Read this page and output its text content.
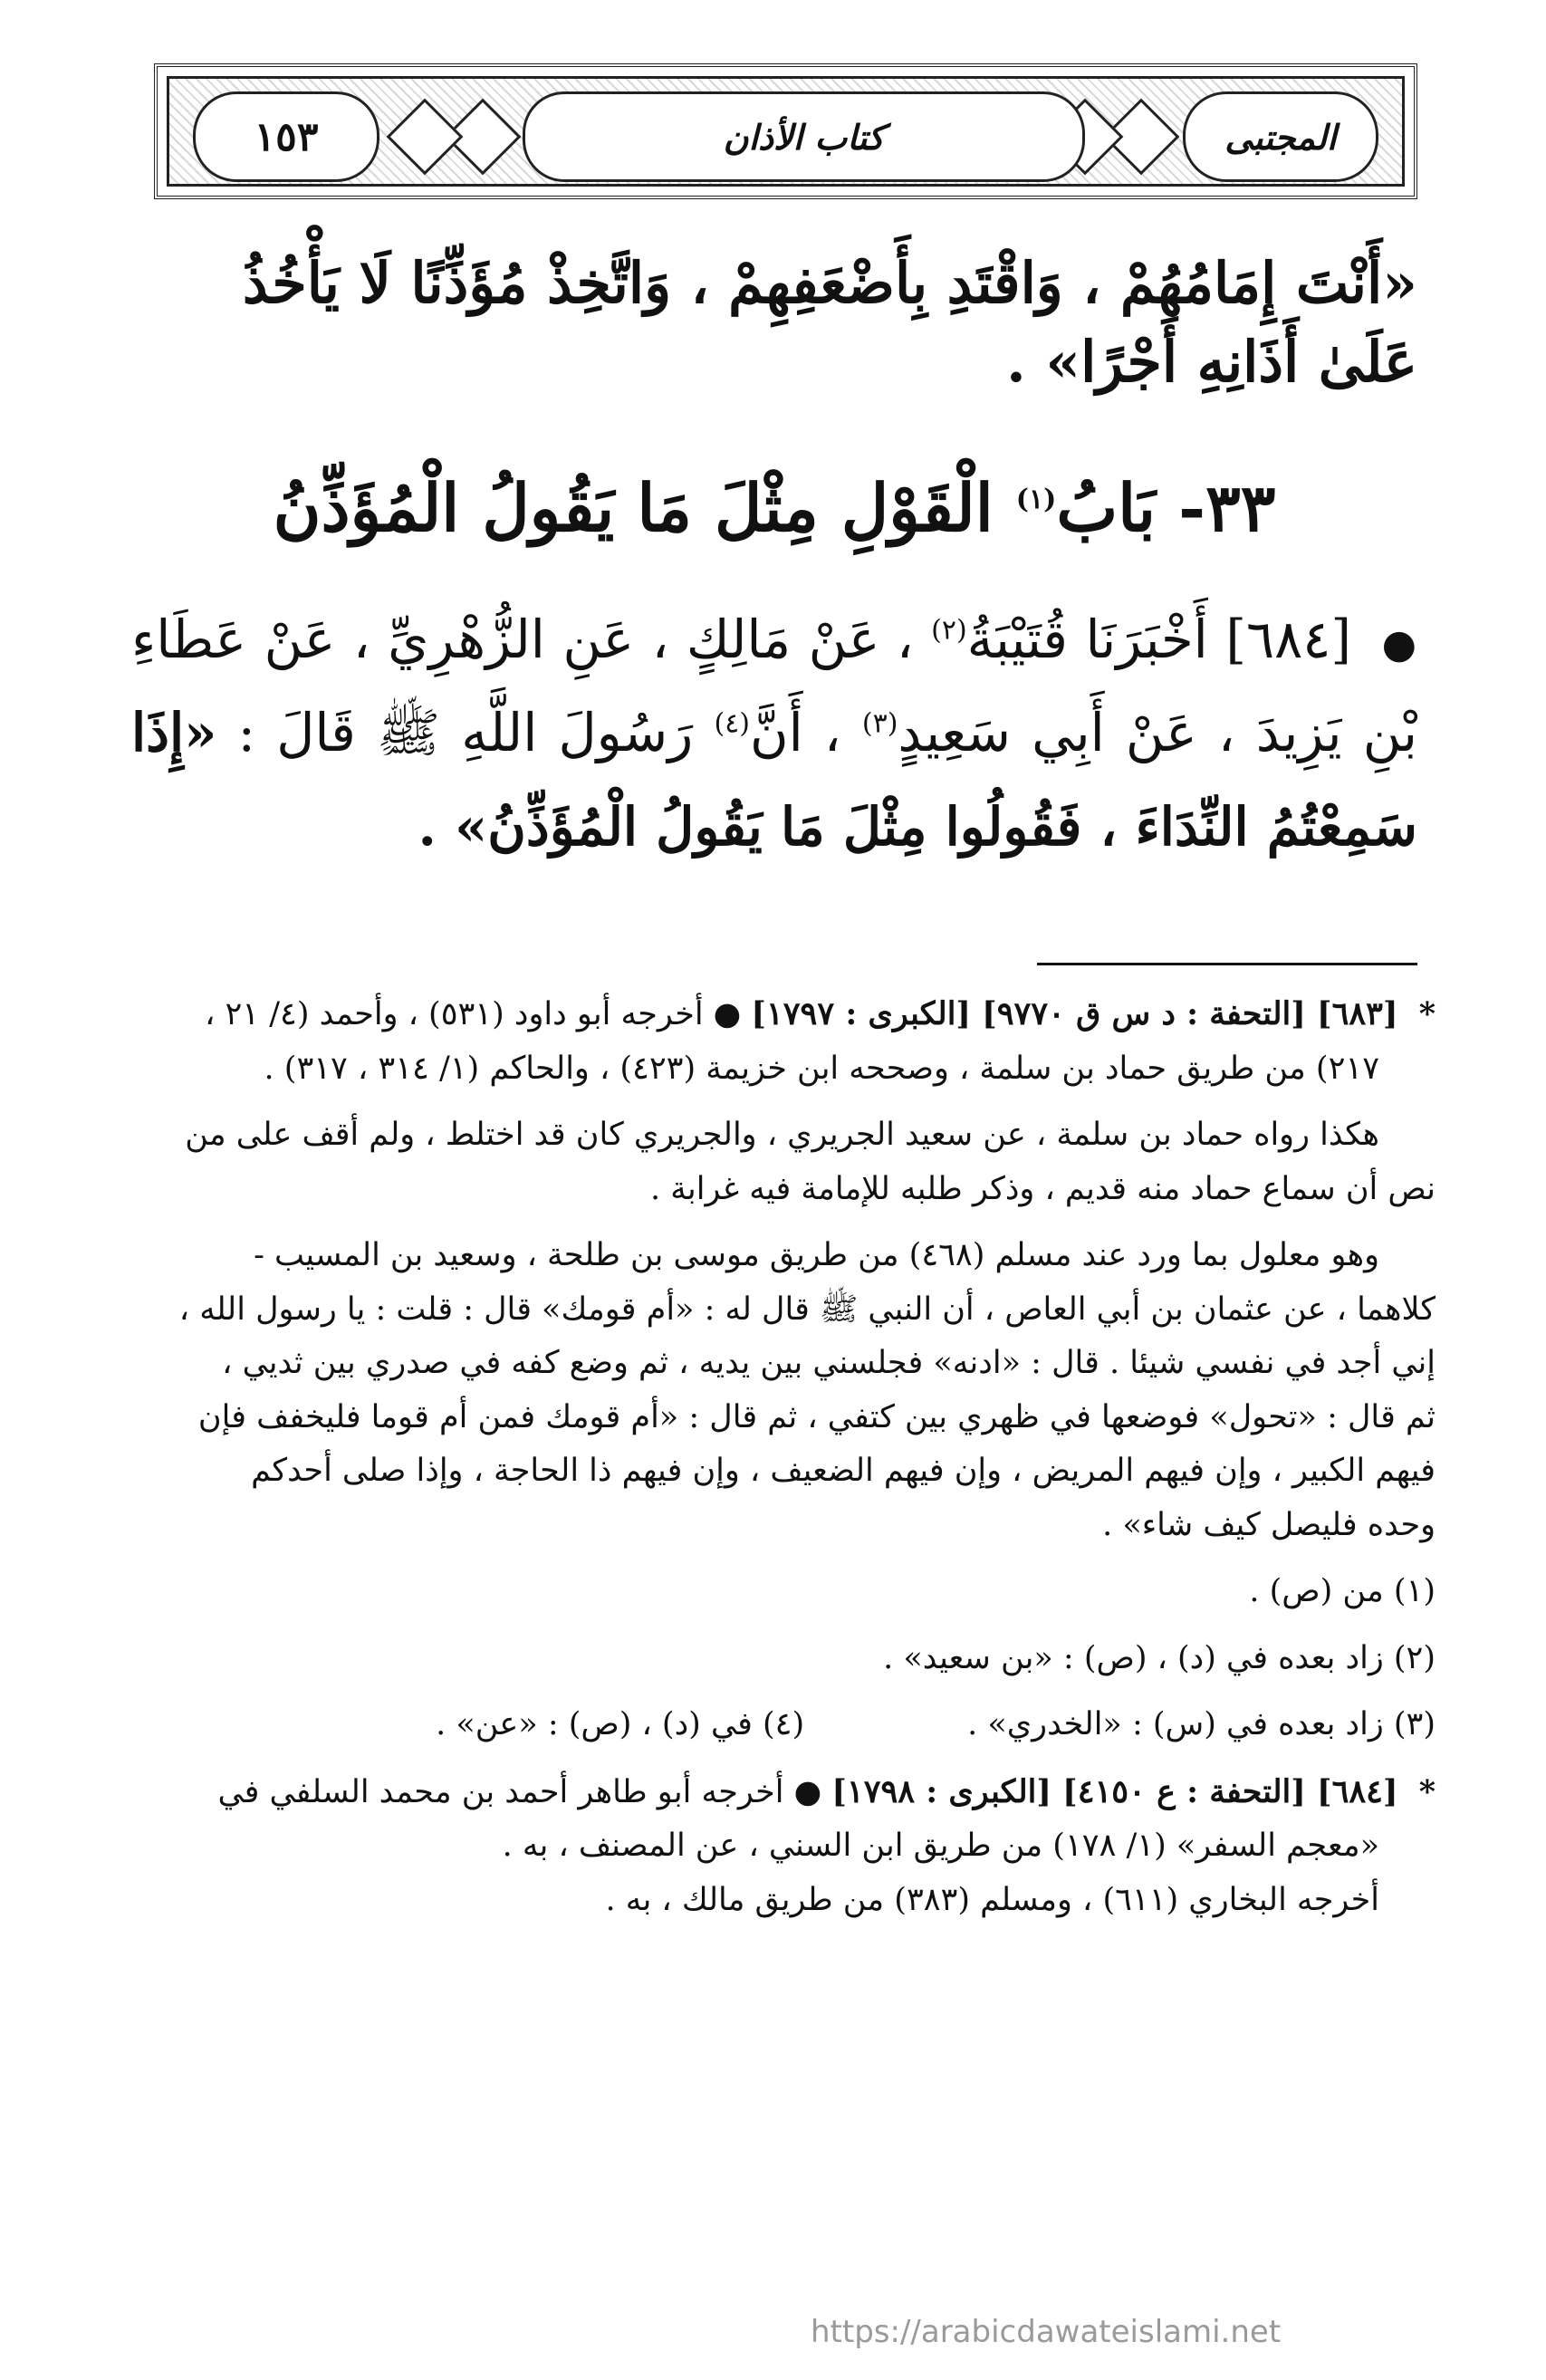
المجتبى
كتاب الأذان
١٥٣

«أَنْتَ إِمَامُهُمْ ، وَاقْتَدِ بِأَضْعَفِهِمْ ، وَاتَّخِذْ مُؤَذِّنًا لَا يَأْخُذُ عَلَىٰ أَذَانِهِ أَجْرًا» .

٣٣- بَابُ$^{(١)}$ الْقَوْلِ مِثْلَ مَا يَقُولُ الْمُؤَذِّنُ

● [٦٨٤] أَخْبَرَنَا قُتَيْبَةُ$^{(٢)}$ ، عَنْ مَالِكٍ ، عَنِ الزُّهْرِيِّ ، عَنْ عَطَاءِ بْنِ يَزِيدَ ، عَنْ أَبِي سَعِيدٍ$^{(٣)}$ ، أَنَّ$^{(٤)}$ رَسُولَ اللَّهِ ﷺ قَالَ : «إِذَا سَمِعْتُمُ النِّدَاءَ ، فَقُولُوا مِثْلَ مَا يَقُولُ الْمُؤَذِّنُ» .

* [٦٨٣] [التحفة : د س ق ٩٧٧٠] [الكبرى : ١٧٩٧] ● أخرجه أبو داود (٥٣١) ، وأحمد (٤/ ٢١ ،

٢١٧) من طريق حماد بن سلمة ، وصححه ابن خزيمة (٤٢٣) ، والحاكم (١/ ٣١٤ ، ٣١٧) .

هكذا رواه حماد بن سلمة ، عن سعيد الجريري ، والجريري كان قد اختلط ، ولم أقف على من

نص أن سماع حماد منه قديم ، وذكر طلبه للإمامة فيه غرابة .

وهو معلول بما ورد عند مسلم (٤٦٨) من طريق موسى بن طلحة ، وسعيد بن المسيب -

كلاهما ، عن عثمان بن أبي العاص ، أن النبي ﷺ قال له : «أم قومك» قال : قلت : يا رسول الله ،

إني أجد في نفسي شيئا . قال : «ادنه» فجلسني بين يديه ، ثم وضع كفه في صدري بين ثديي ،

ثم قال : «تحول» فوضعها في ظهري بين كتفي ، ثم قال : «أم قومك فمن أم قوما فليخفف فإن

فيهم الكبير ، وإن فيهم المريض ، وإن فيهم الضعيف ، وإن فيهم ذا الحاجة ، وإذا صلى أحدكم

وحده فليصل كيف شاء» .

(١) من (ص) .

(٢) زاد بعده في (د) ، (ص) : «بن سعيد» .

(٣) زاد بعده في (س) : «الخدري» .
(٤) في (د) ، (ص) : «عن» .

* [٦٨٤] [التحفة : ع ٤١٥٠] [الكبرى : ١٧٩٨] ● أخرجه أبو طاهر أحمد بن محمد السلفي في

«معجم السفر» (١/ ١٧٨) من طريق ابن السني ، عن المصنف ، به .

أخرجه البخاري (٦١١) ، ومسلم (٣٨٣) من طريق مالك ، به .

https://arabicdawateislami.net
